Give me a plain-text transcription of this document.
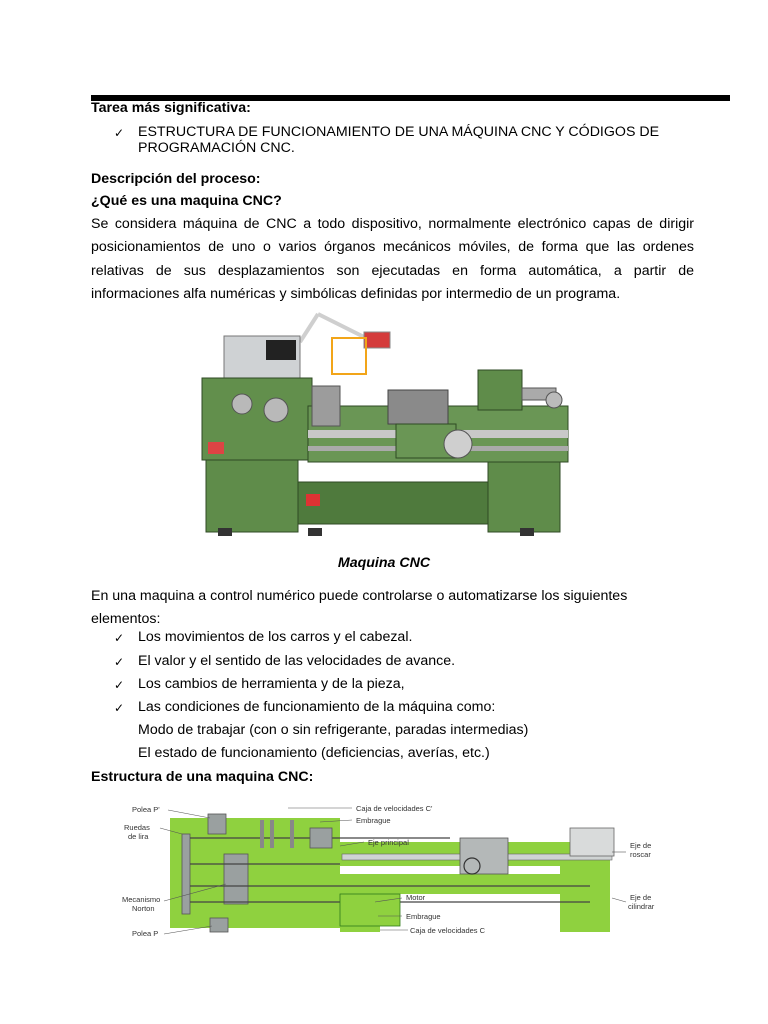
Tarea más significativa:
✓ ESTRUCTURA DE FUNCIONAMIENTO DE UNA MÁQUINA CNC Y CÓDIGOS DE PROGRAMACIÓN CNC.
Descripción del proceso:
¿Qué es una maquina CNC?
Se considera máquina de CNC a todo dispositivo, normalmente electrónico capas de dirigir posicionamientos de uno o varios órganos mecánicos móviles, de forma que las ordenes relativas de sus desplazamientos son ejecutadas en forma automática, a partir de informaciones alfa numéricas y simbólicas definidas por intermedio de un programa.
Maquina CNC
En una maquina a control numérico puede controlarse o automatizarse los siguientes
elementos:
✓ Los movimientos de los carros y el cabezal.
✓ El valor y el sentido de las velocidades de avance.
✓ Los cambios de herramienta y de la pieza,
✓ Las condiciones de funcionamiento de la máquina como:
Modo de trabajar (con o sin refrigerante, paradas intermedias)
El estado de funcionamiento (deficiencias, averías, etc.)
Estructura de una maquina CNC:
Polea P'
Ruedas
de lira
Mecanismo
Norton
Polea P
Caja de velocidades C'
Embrague
Eje principal
Motor
Embrague
Caja de velocidades C
Eje de
roscar
Eje de
cilindrar
